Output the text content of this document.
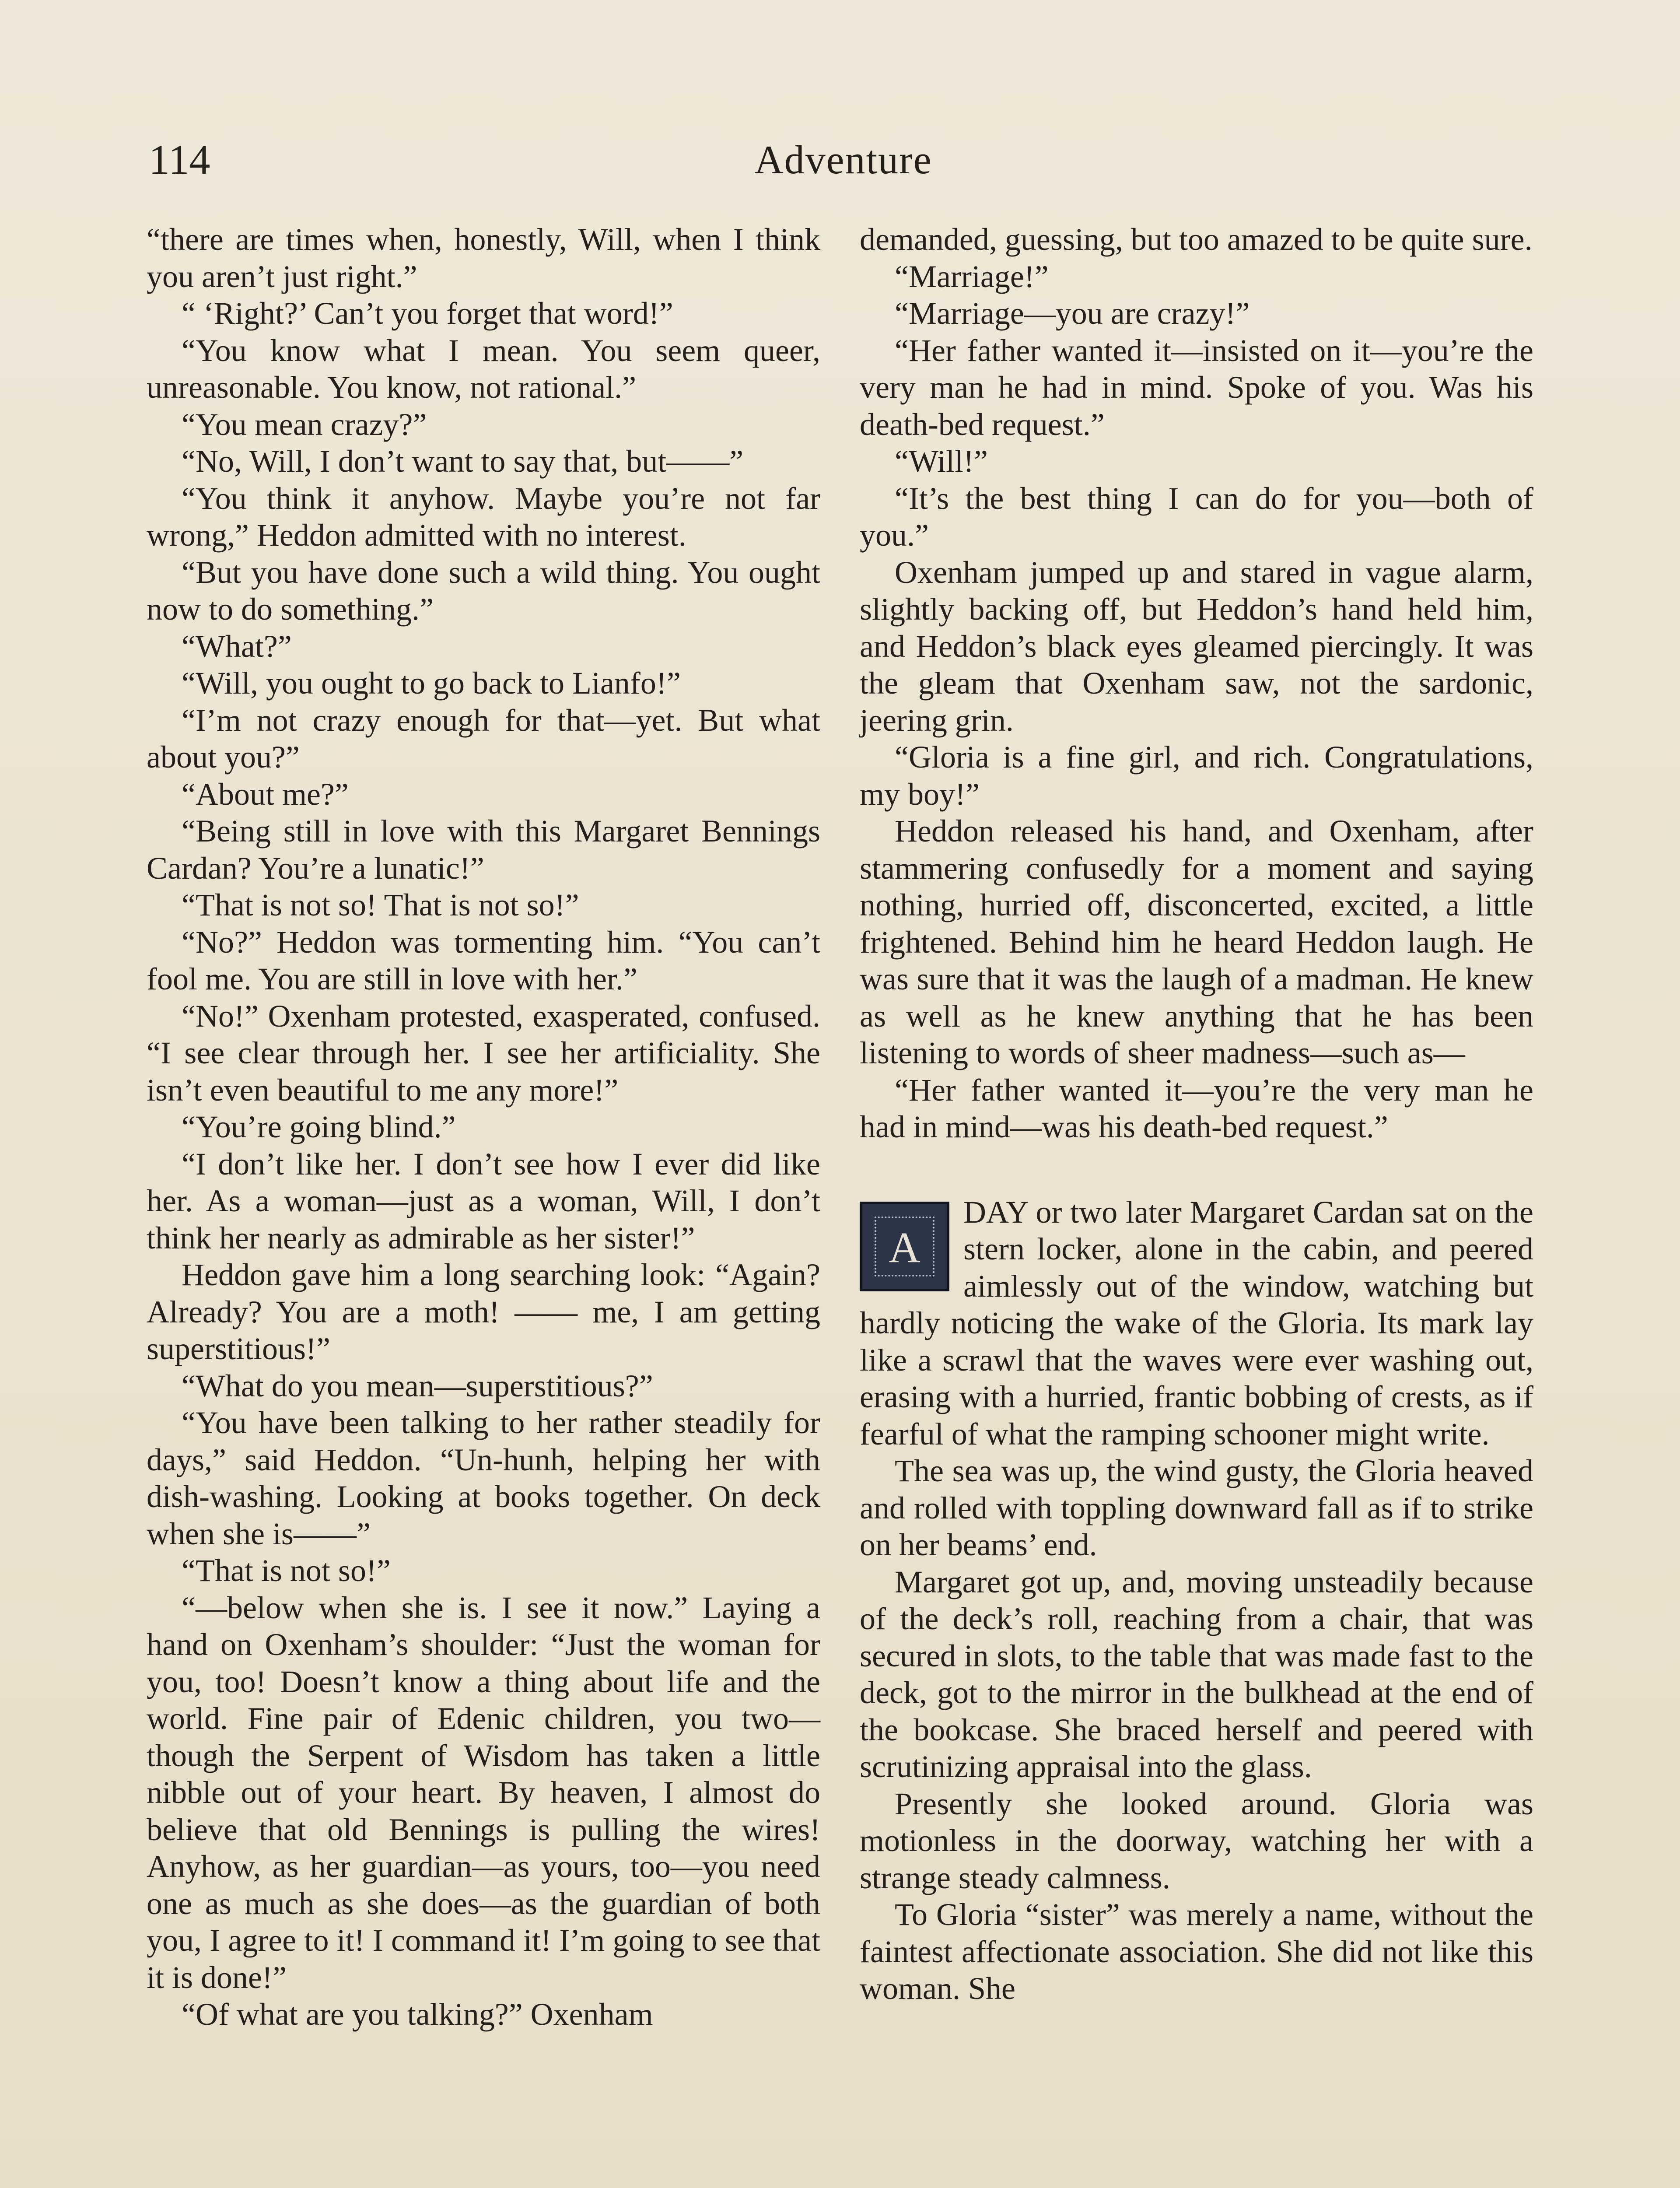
114	Adventure

“there are times when, honestly, Will, when I think you aren’t just right.”

“ ‘Right?’ Can’t you forget that word!”

“You know what I mean. You seem queer, unreasonable. You know, not rational.”

“You mean crazy?”

“No, Will, I don’t want to say that, but——”

“You think it anyhow. Maybe you’re not far wrong,” Heddon admitted with no interest.

“But you have done such a wild thing. You ought now to do something.”

“What?”

“Will, you ought to go back to Lianfo!”

“I’m not crazy enough for that—yet. But what about you?”

“About me?”

“Being still in love with this Margaret Bennings Cardan? You’re a lunatic!”

“That is not so! That is not so!”

“No?” Heddon was tormenting him. “You can’t fool me. You are still in love with her.”

“No!” Oxenham protested, exasperated, confused. “I see clear through her. I see her artificiality. She isn’t even beautiful to me any more!”

“You’re going blind.”

“I don’t like her. I don’t see how I ever did like her. As a woman—just as a woman, Will, I don’t think her nearly as admirable as her sister!”

Heddon gave him a long searching look: “Again? Already? You are a moth! —— me, I am getting superstitious!”

“What do you mean—superstitious?”

“You have been talking to her rather steadily for days,” said Heddon. “Un-hunh, helping her with dish-washing. Looking at books together. On deck when she is——”

“That is not so!”

“—below when she is. I see it now.” Laying a hand on Oxenham’s shoulder: “Just the woman for you, too! Doesn’t know a thing about life and the world. Fine pair of Edenic children, you two—though the Serpent of Wisdom has taken a little nibble out of your heart. By heaven, I almost do believe that old Bennings is pulling the wires! Anyhow, as her guardian—as yours, too—you need one as much as she does—as the guardian of both you, I agree to it! I command it! I’m going to see that it is done!”

“Of what are you talking?” Oxenham

demanded, guessing, but too amazed to be quite sure.

“Marriage!”

“Marriage—you are crazy!”

“Her father wanted it—insisted on it—you’re the very man he had in mind. Spoke of you. Was his death-bed request.”

“Will!”

“It’s the best thing I can do for you—both of you.”

Oxenham jumped up and stared in vague alarm, slightly backing off, but Heddon’s hand held him, and Heddon’s black eyes gleamed piercingly. It was the gleam that Oxenham saw, not the sardonic, jeering grin.

“Gloria is a fine girl, and rich. Congratulations, my boy!”

Heddon released his hand, and Oxenham, after stammering confusedly for a moment and saying nothing, hurried off, disconcerted, excited, a little frightened. Behind him he heard Heddon laugh. He was sure that it was the laugh of a madman. He knew as well as he knew anything that he has been listening to words of sheer madness—such as—

“Her father wanted it—you’re the very man he had in mind—was his death-bed request.”

A
DAY or two later Margaret Cardan sat on the stern locker, alone in the cabin, and peered aimlessly out of the window, watching but hardly noticing the wake of the Gloria. Its mark lay like a scrawl that the waves were ever washing out, erasing with a hurried, frantic bobbing of crests, as if fearful of what the ramping schooner might write.

The sea was up, the wind gusty, the Gloria heaved and rolled with toppling downward fall as if to strike on her beams’ end.

Margaret got up, and, moving unsteadily because of the deck’s roll, reaching from a chair, that was secured in slots, to the table that was made fast to the deck, got to the mirror in the bulkhead at the end of the bookcase. She braced herself and peered with scrutinizing appraisal into the glass.

Presently she looked around. Gloria was motionless in the doorway, watching her with a strange steady calmness.

To Gloria “sister” was merely a name, without the faintest affectionate association. She did not like this woman. She
